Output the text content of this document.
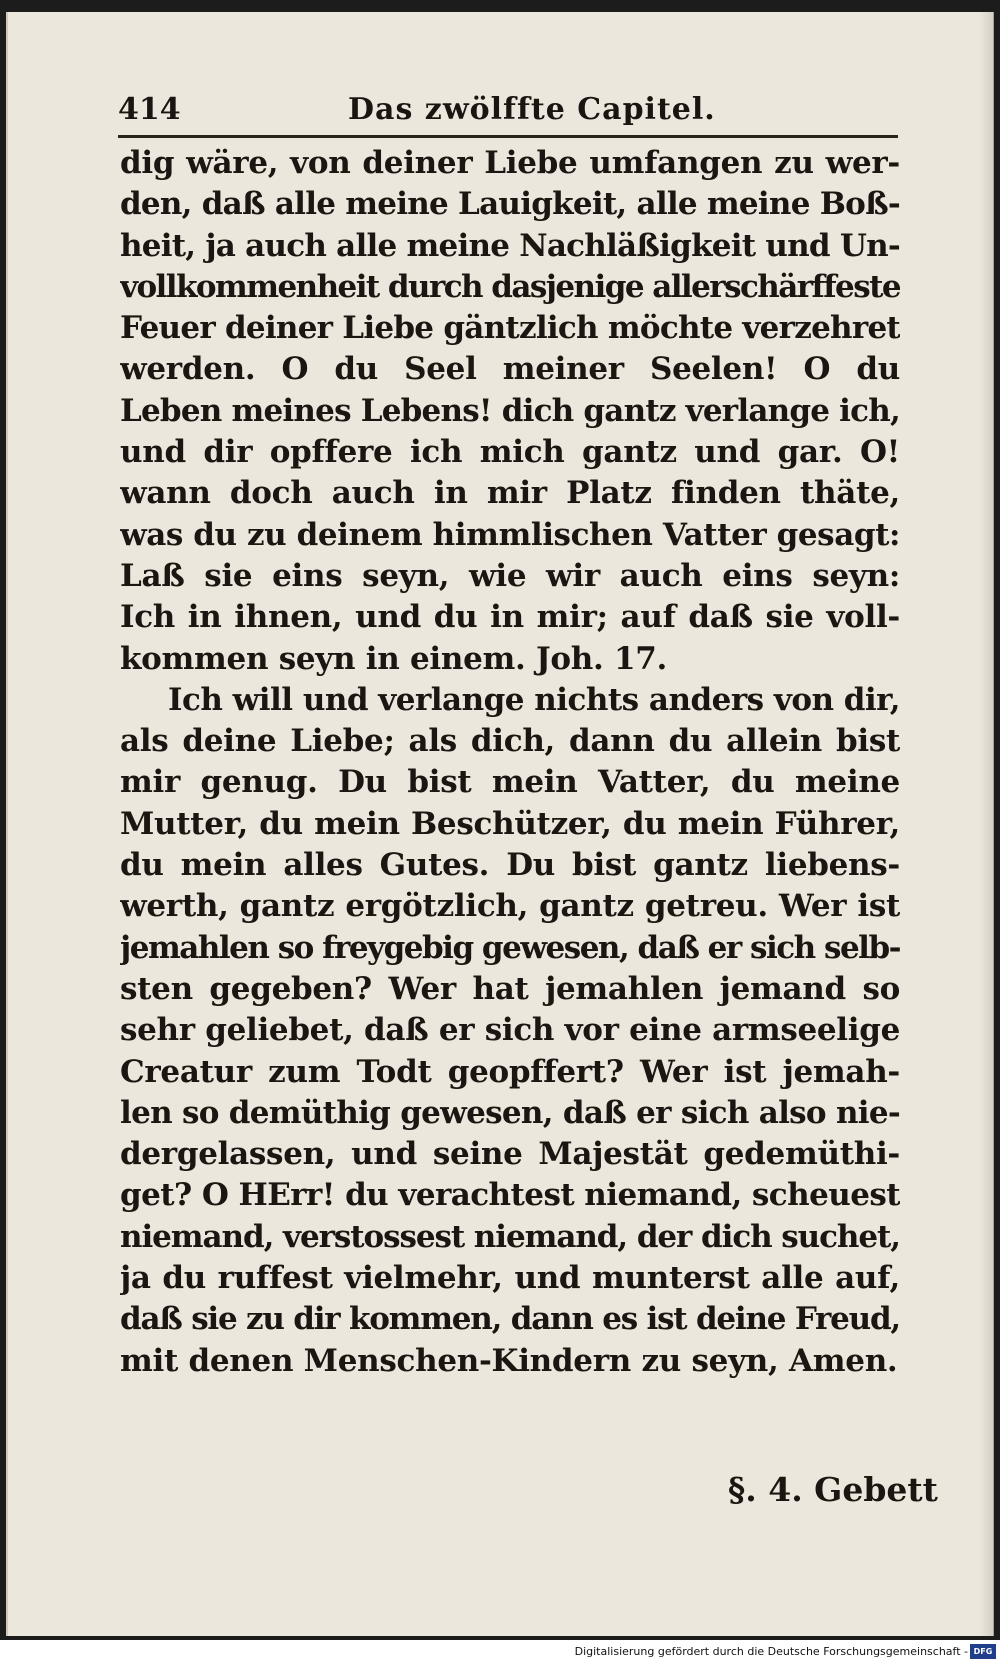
414	Das zwölffte Capitel.
dig wäre, von deiner Liebe umfangen zu wer-
den, daß alle meine Lauigkeit, alle meine Boß-
heit, ja auch alle meine Nachläßigkeit und Un-
vollkommenheit durch dasjenige allerschärffeste
Feuer deiner Liebe gäntzlich möchte verzehret
werden. O du Seel meiner Seelen! O du
Leben meines Lebens! dich gantz verlange ich,
und dir opffere ich mich gantz und gar. O!
wann doch auch in mir Platz finden thäte,
was du zu deinem himmlischen Vatter gesagt:
Laß sie eins seyn, wie wir auch eins seyn:
Ich in ihnen, und du in mir; auf daß sie voll-
kommen seyn in einem. Joh. 17.
Ich will und verlange nichts anders von dir,
als deine Liebe; als dich, dann du allein bist
mir genug. Du bist mein Vatter, du meine
Mutter, du mein Beschützer, du mein Führer,
du mein alles Gutes. Du bist gantz liebens-
werth, gantz ergötzlich, gantz getreu. Wer ist
jemahlen so freygebig gewesen, daß er sich selb-
sten gegeben? Wer hat jemahlen jemand so
sehr geliebet, daß er sich vor eine armseelige
Creatur zum Todt geopffert? Wer ist jemah-
len so demüthig gewesen, daß er sich also nie-
dergelassen, und seine Majestät gedemüthi-
get? O HErr! du verachtest niemand, scheuest
niemand, verstossest niemand, der dich suchet,
ja du ruffest vielmehr, und munterst alle auf,
daß sie zu dir kommen, dann es ist deine Freud,
mit denen Menschen-Kindern zu seyn, Amen.
§. 4. Gebett
Digitalisierung gefördert durch die Deutsche Forschungsgemeinschaft - DFG
